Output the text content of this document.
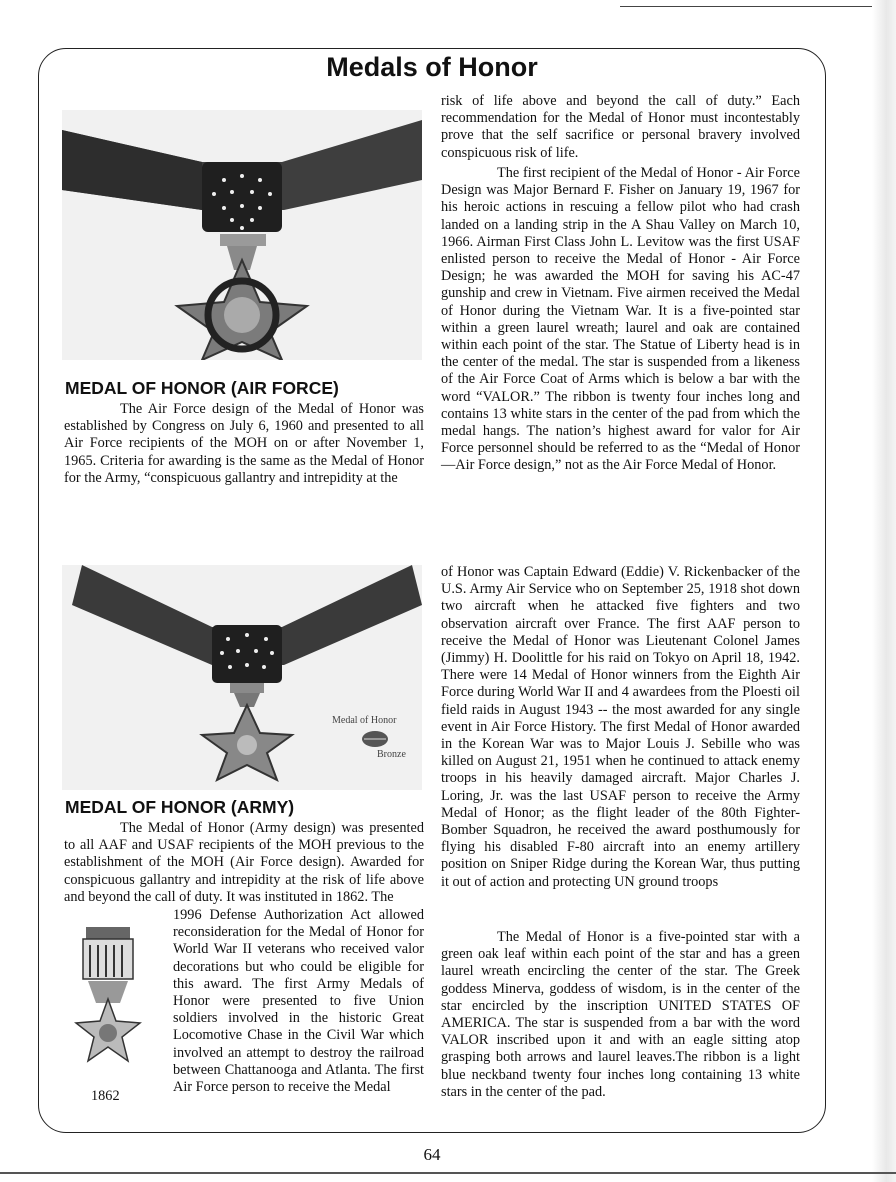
Medals of Honor
MEDAL OF HONOR (AIR FORCE)
The Air Force design of the Medal of Honor was established by Congress on July 6, 1960 and presented to all Air Force recipients of the MOH on or after November 1, 1965. Criteria for awarding is the same as the Medal of Honor for the Army, “conspicuous gallantry and intrepidity at the
risk of life above and beyond the call of duty.” Each recommendation for the Medal of Honor must incontestably prove that the self sacrifice or personal bravery involved conspicuous risk of life.
The first recipient of the Medal of Honor - Air Force Design was Major Bernard F. Fisher on January 19, 1967 for his heroic actions in rescuing a fellow pilot who had crash landed on a landing strip in the A Shau Valley on March 10, 1966. Airman First Class John L. Levitow was the first USAF enlisted person to receive the Medal of Honor - Air Force Design; he was awarded the MOH for saving his AC-47 gunship and crew in Vietnam. Five airmen received the Medal of Honor during the Vietnam War. It is a five-pointed star within a green laurel wreath; laurel and oak are contained within each point of the star. The Statue of Liberty head is in the center of the medal. The star is suspended from a likeness of the Air Force Coat of Arms which is below a bar with the word “VALOR.” The ribbon is twenty four inches long and contains 13 white stars in the center of the pad from which the medal hangs. The nation’s highest award for valor for Air Force personnel should be referred to as the “Medal of Honor —Air Force design,” not as the Air Force Medal of Honor.
Medal of Honor
Bronze
MEDAL OF HONOR (ARMY)
The Medal of Honor (Army design) was presented to all AAF and USAF recipients of the MOH previous to the establishment of the MOH (Air Force design). Awarded for conspicuous gallantry and intrepidity at the risk of life above and beyond the call of duty. It was instituted in 1862. The
1862
1996 Defense Authorization Act allowed reconsideration for the Medal of Honor for World War II veterans who received valor decorations but who could be eligible for this award. The first Army Medals of Honor were presented to five Union soldiers involved in the historic Great Locomotive Chase in the Civil War which involved an attempt to destroy the railroad between Chattanooga and Atlanta. The first Air Force person to receive the Medal
of Honor was Captain Edward (Eddie) V. Rickenbacker of the U.S. Army Air Service who on September 25, 1918 shot down two aircraft when he attacked five fighters and two observation aircraft over France. The first AAF person to receive the Medal of Honor was Lieutenant Colonel James (Jimmy) H. Doolittle for his raid on Tokyo on April 18, 1942. There were 14 Medal of Honor winners from the Eighth Air Force during World War II and 4 awardees from the Ploesti oil field raids in August 1943 -- the most awarded for any single event in Air Force History. The first Medal of Honor awarded in the Korean War was to Major Louis J. Sebille who was killed on August 21, 1951 when he continued to attack enemy troops in his heavily damaged aircraft. Major Charles J. Loring, Jr. was the last USAF person to receive the Army Medal of Honor; as the flight leader of the 80th Fighter-Bomber Squadron, he received the award posthumously for flying his disabled F-80 aircraft into an enemy artillery position on Sniper Ridge during the Korean War, thus putting it out of action and protecting UN ground troops
The Medal of Honor is a five-pointed star with a green oak leaf within each point of the star and has a green laurel wreath encircling the center of the star. The Greek goddess Minerva, goddess of wisdom, is in the center of the star encircled by the inscription UNITED STATES OF AMERICA. The star is suspended from a bar with the word VALOR inscribed upon it and with an eagle sitting atop grasping both arrows and laurel leaves.The ribbon is a light blue neckband twenty four inches long containing 13 white stars in the center of the pad.
64
